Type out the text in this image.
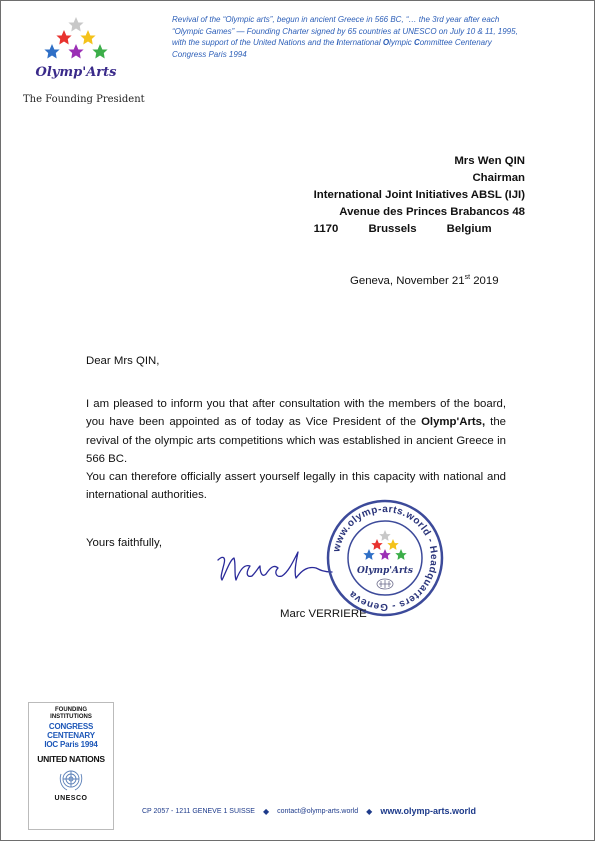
Olymp'Arts
The Founding President
Revival of the “Olympic arts”, begun in ancient Greece in 566 BC, “… the 3rd year after each “Olympic Games” — Founding Charter signed by 65 countries at UNESCO on July 10 & 11, 1995, with the support of the United Nations and the International Olympic Committee Centenary Congress Paris 1994
Mrs Wen QIN
Chairman
International Joint Initiatives ABSL (IJI)
Avenue des Princes Brabancos 48
1170	Brussels	Belgium
Geneva, November 21st 2019
Dear Mrs QIN,

I am pleased to inform you that after consultation with the members of the board, you have been appointed as of today as Vice President of the Olymp'Arts, the revival of the olympic arts competitions which was established in ancient Greece in 566 BC.

You can therefore officially assert yourself legally in this capacity with national and international authorities.

Yours faithfully,	www.olymp-arts.world - Headquarters - Geneva
Olymp'Arts
Marc VERRIERE
FOUNDING
INSTITUTIONS
CONGRESS
CENTENARY
IOC Paris 1994
UNITED NATIONS
UNESCO
CP 2057 - 1211 GENEVE 1 SUISSE ◆ contact@olymp-arts.world ◆ www.olymp-arts.world
